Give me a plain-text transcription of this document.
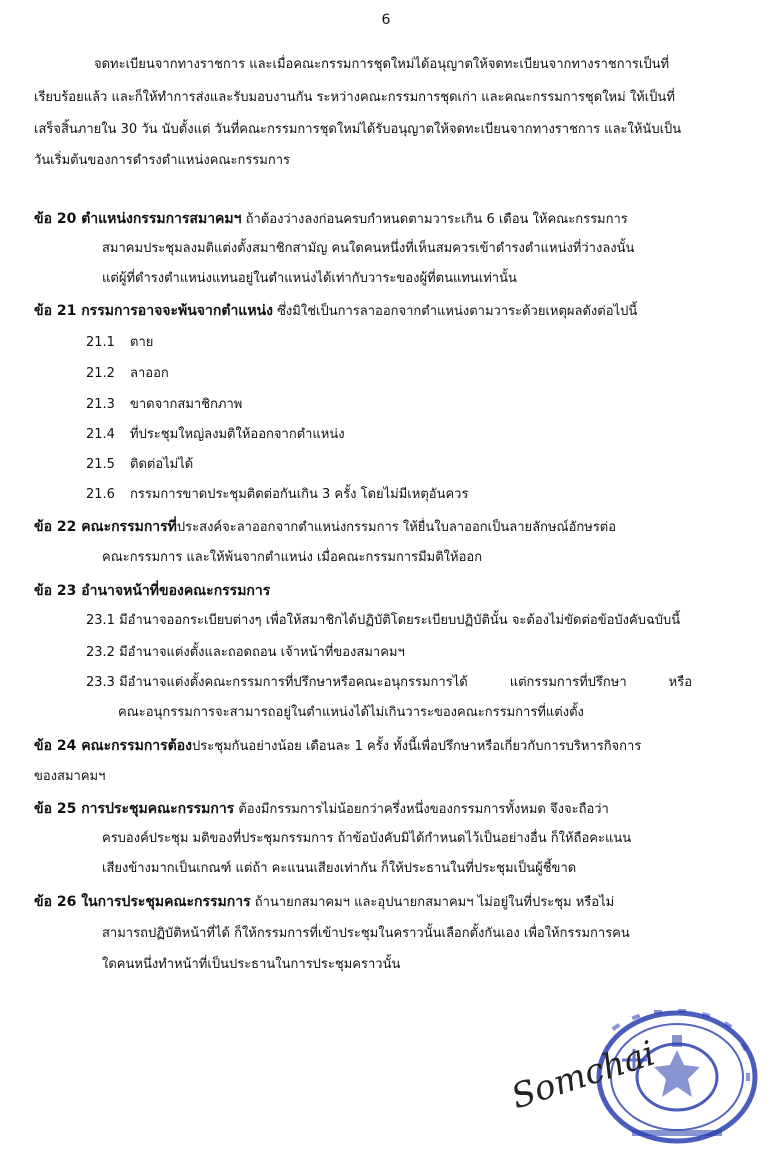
6
จดทะเบียนจากทางราชการ และเมื่อคณะกรรมการชุดใหม่ได้อนุญาตให้จดทะเบียนจากทางราชการเป็นที่
เรียบร้อยแล้ว และก็ให้ทำการส่งและรับมอบงานกัน ระหว่างคณะกรรมการชุดเก่า และคณะกรรมการชุดใหม่ ให้เป็นที่
เสร็จสิ้นภายใน 30 วัน นับตั้งแต่ วันที่คณะกรรมการชุดใหม่ได้รับอนุญาตให้จดทะเบียนจากทางราชการ และให้นับเป็น
วันเริ่มต้นของการดำรงตำแหน่งคณะกรรมการ
ข้อ 20 ตำแหน่งกรรมการสมาคมฯ ถ้าต้องว่างลงก่อนครบกำหนดตามวาระเกิน 6 เดือน ให้คณะกรรมการ
สมาคมประชุมลงมติแต่งตั้งสมาชิกสามัญ คนใดคนหนึ่งที่เห็นสมควรเข้าดำรงตำแหน่งที่ว่างลงนั้น
แต่ผู้ที่ดำรงตำแหน่งแทนอยู่ในตำแหน่งได้เท่ากับวาระของผู้ที่ตนแทนเท่านั้น
ข้อ 21 กรรมการอาจจะพ้นจากตำแหน่ง ซึ่งมิใช่เป็นการลาออกจากตำแหน่งตามวาระด้วยเหตุผลดังต่อไปนี้
21.1 ตาย
21.2 ลาออก
21.3 ขาดจากสมาชิกภาพ
21.4 ที่ประชุมใหญ่ลงมติให้ออกจากตำแหน่ง
21.5 ติดต่อไม่ได้
21.6 กรรมการขาดประชุมติดต่อกันเกิน 3 ครั้ง โดยไม่มีเหตุอันควร
ข้อ 22 คณะกรรมการที่ประสงค์จะลาออกจากตำแหน่งกรรมการ ให้ยื่นใบลาออกเป็นลายลักษณ์อักษรต่อ
คณะกรรมการ และให้พ้นจากตำแหน่ง เมื่อคณะกรรมการมีมติให้ออก
ข้อ 23 อำนาจหน้าที่ของคณะกรรมการ
23.1 มีอำนาจออกระเบียบต่างๆ เพื่อให้สมาชิกได้ปฏิบัติโดยระเบียบปฏิบัตินั้น จะต้องไม่ขัดต่อข้อบังคับฉบับนี้
23.2 มีอำนาจแต่งตั้งและถอดถอน เจ้าหน้าที่ของสมาคมฯ
23.3 มีอำนาจแต่งตั้งคณะกรรมการที่ปรึกษาหรือคณะอนุกรรมการได้	แต่กรรมการที่ปรึกษา	หรือ
คณะอนุกรรมการจะสามารถอยู่ในตำแหน่งได้ไม่เกินวาระของคณะกรรมการที่แต่งตั้ง
ข้อ 24 คณะกรรมการต้องประชุมกันอย่างน้อย เดือนละ 1 ครั้ง ทั้งนี้เพื่อปรึกษาหรือเกี่ยวกับการบริหารกิจการ
ของสมาคมฯ
ข้อ 25 การประชุมคณะกรรมการ ต้องมีกรรมการไม่น้อยกว่าครึ่งหนึ่งของกรรมการทั้งหมด จึงจะถือว่า
ครบองค์ประชุม มติของที่ประชุมกรรมการ ถ้าข้อบังคับมิได้กำหนดไว้เป็นอย่างอื่น ก็ให้ถือคะแนน
เสียงข้างมากเป็นเกณฑ์ แต่ถ้า คะแนนเสียงเท่ากัน ก็ให้ประธานในที่ประชุมเป็นผู้ชี้ขาด
ข้อ 26 ในการประชุมคณะกรรมการ ถ้านายกสมาคมฯ และอุปนายกสมาคมฯ ไม่อยู่ในที่ประชุม หรือไม่
สามารถปฏิบัติหน้าที่ได้ ก็ให้กรรมการที่เข้าประชุมในคราวนั้นเลือกตั้งกันเอง เพื่อให้กรรมการคน
ใดคนหนึ่งทำหน้าที่เป็นประธานในการประชุมคราวนั้น
Somchai
